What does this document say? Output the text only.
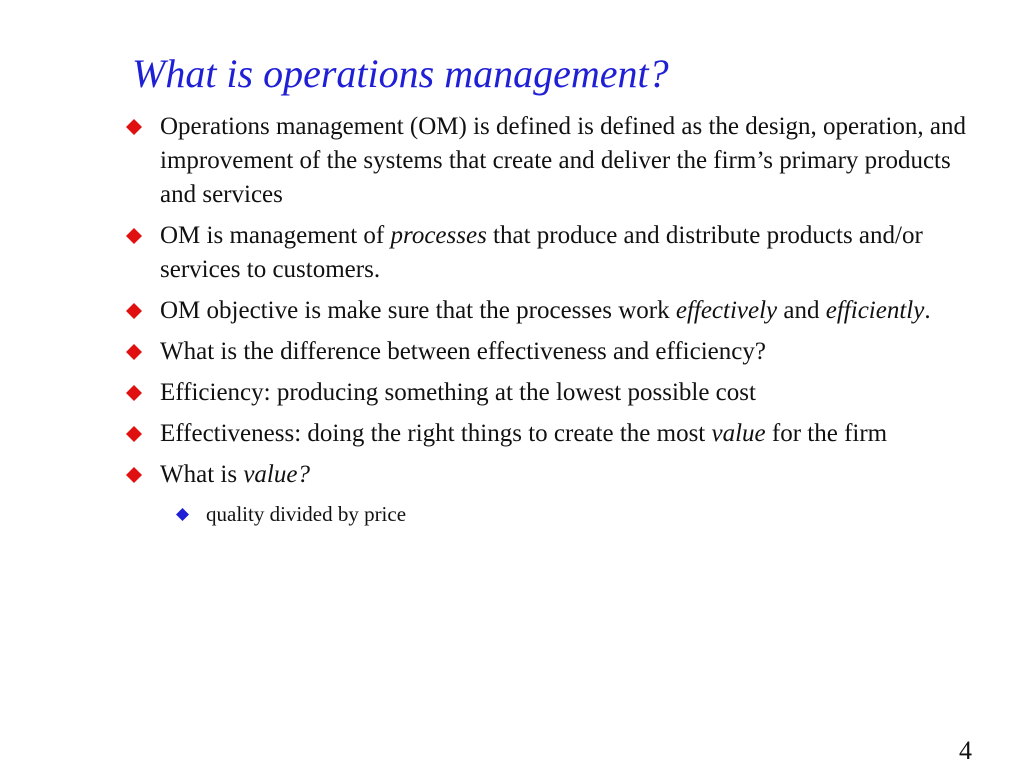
What is operations management?
Operations management (OM) is defined is defined as the design, operation, and improvement of the systems that create and deliver the firm’s primary products and services
OM is management of processes that produce and distribute products and/or services to customers.
OM objective is make sure that the processes work effectively and efficiently.
What is the difference between effectiveness and efficiency?
Efficiency: producing something at the lowest possible cost
Effectiveness: doing the right things to create the most value for the firm
What is value?
quality divided by price
4
